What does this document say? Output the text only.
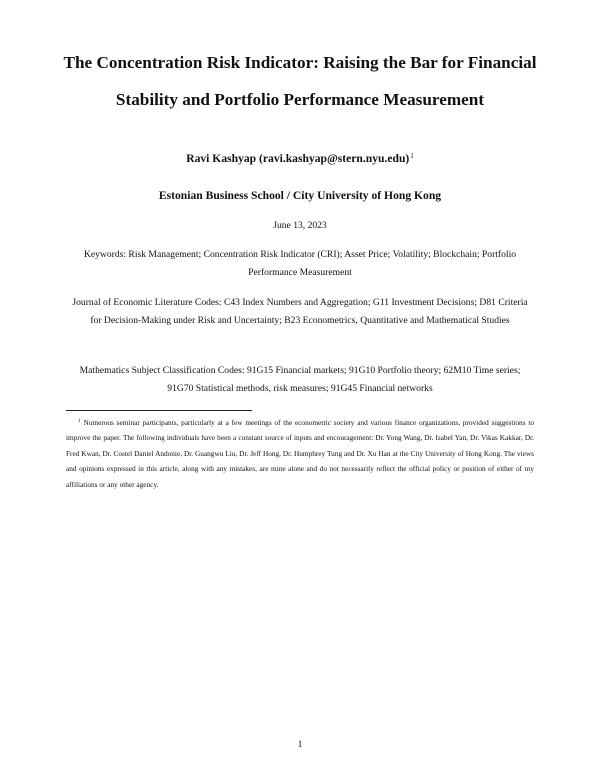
The Concentration Risk Indicator: Raising the Bar for Financial Stability and Portfolio Performance Measurement
Ravi Kashyap (ravi.kashyap@stern.nyu.edu)$^1$
Estonian Business School / City University of Hong Kong
June 13, 2023
Keywords: Risk Management; Concentration Risk Indicator (CRI); Asset Price; Volatility; Blockchain; Portfolio Performance Measurement
Journal of Economic Literature Codes: C43 Index Numbers and Aggregation; G11 Investment Decisions; D81 Criteria for Decision-Making under Risk and Uncertainty; B23 Econometrics, Quantitative and Mathematical Studies
Mathematics Subject Classification Codes: 91G15 Financial markets; 91G10 Portfolio theory; 62M10 Time series; 91G70 Statistical methods, risk measures; 91G45 Financial networks
$^1$ Numerous seminar participants, particularly at a few meetings of the econometric society and various finance organizations, provided suggestions to improve the paper. The following individuals have been a constant source of inputs and encouragement: Dr. Yong Wang, Dr. Isabel Yan, Dr. Vikas Kakkar, Dr. Fred Kwan, Dr. Costel Daniel Andonie, Dr. Guangwu Liu, Dr. Jeff Hong, Dr. Humphrey Tung and Dr. Xu Han at the City University of Hong Kong. The views and opinions expressed in this article, along with any mistakes, are mine alone and do not necessarily reflect the official policy or position of either of my affiliations or any other agency.
1
